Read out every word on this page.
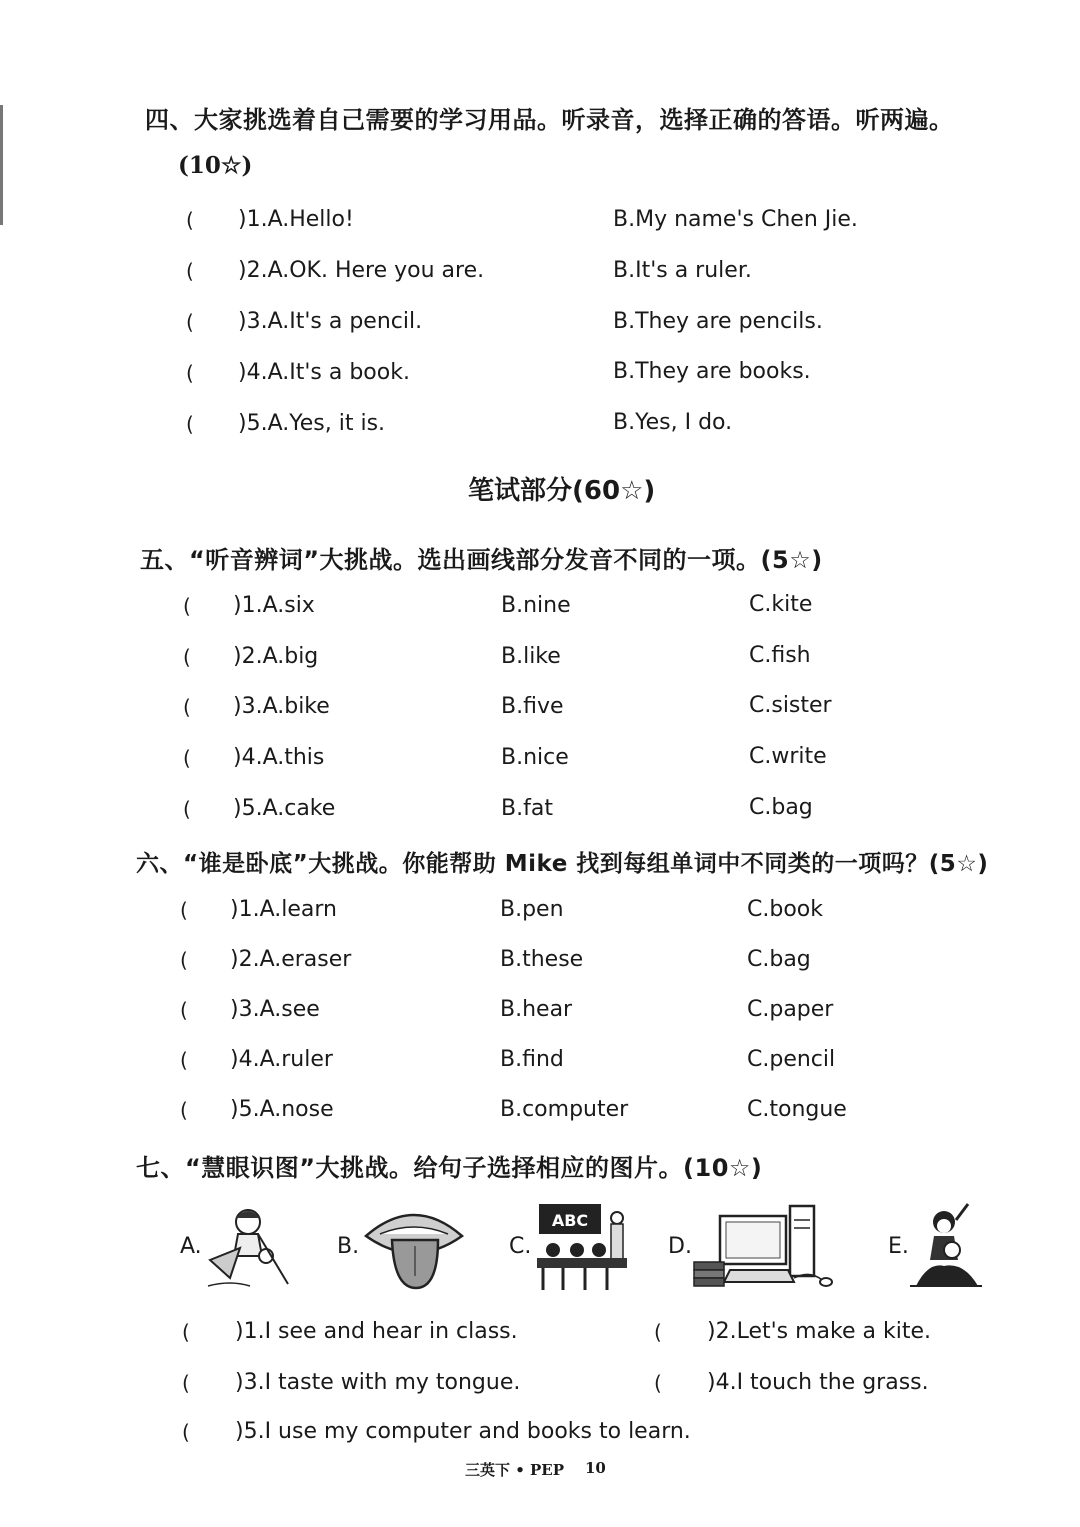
四、大家挑选着自己需要的学习用品。听录音，选择正确的答语。听两遍。
(10☆)
( )1.A.Hello!	B.My name's Chen Jie.
( )2.A.OK. Here you are.	B.It's a ruler.
( )3.A.It's a pencil.	B.They are pencils.
( )4.A.It's a book.	B.They are books.
( )5.A.Yes, it is.	B.Yes, I do.
笔试部分(60☆)
五、“听音辨词”大挑战。选出画线部分发音不同的一项。(5☆)
( )1.A.six	B.nine	C.kite
( )2.A.big	B.like	C.fish
( )3.A.bike	B.five	C.sister
( )4.A.this	B.nice	C.write
( )5.A.cake	B.fat	C.bag
六、“谁是卧底”大挑战。你能帮助 Mike 找到每组单词中不同类的一项吗？(5☆)
( )1.A.learn	B.pen	C.book
( )2.A.eraser	B.these	C.bag
( )3.A.see	B.hear	C.paper
( )4.A.ruler	B.find	C.pencil
( )5.A.nose	B.computer	C.tongue
七、“慧眼识图”大挑战。给句子选择相应的图片。(10☆)
A.	B.	C.	D.	E.
ABC
( )1.I see and hear in class.	( )2.Let's make a kite.
( )3.I taste with my tongue.	( )4.I touch the grass.
( )5.I use my computer and books to learn.
三英下 • PEP 10
